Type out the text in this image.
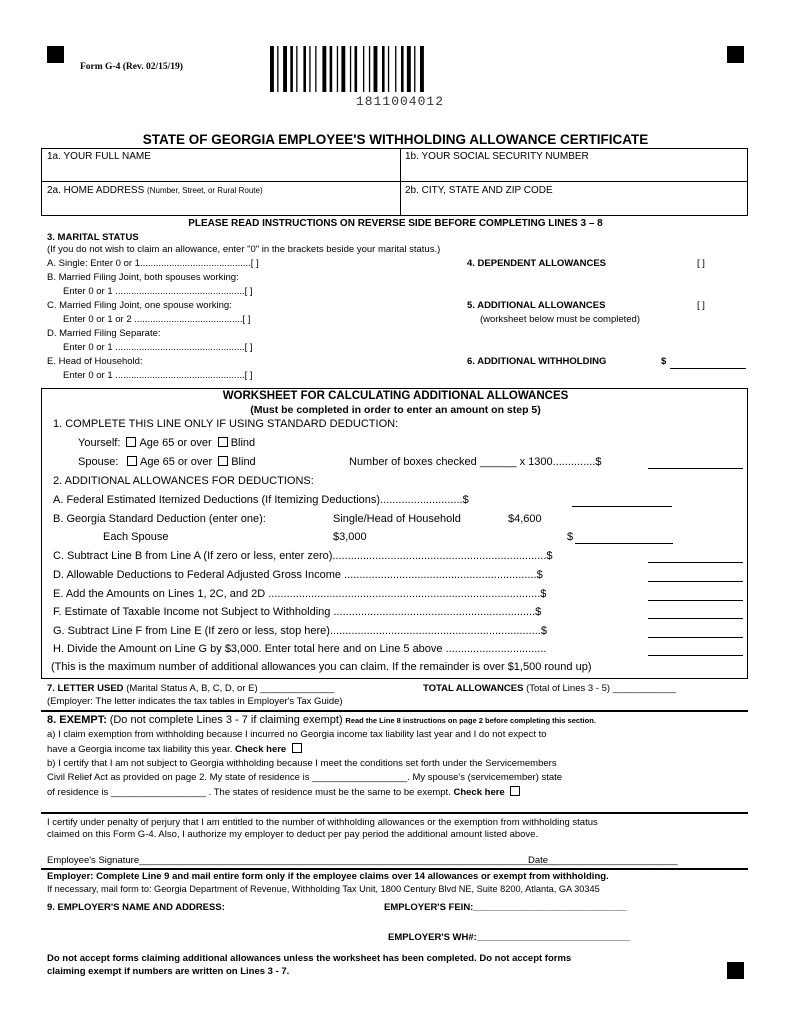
Form G-4 (Rev. 02/15/19)
1811004012
STATE OF GEORGIA EMPLOYEE'S WITHHOLDING ALLOWANCE CERTIFICATE
1a. YOUR FULL NAME	1b. YOUR SOCIAL SECURITY NUMBER
2a. HOME ADDRESS (Number, Street, or Rural Route)	2b. CITY, STATE AND ZIP CODE
PLEASE READ INSTRUCTIONS ON REVERSE SIDE BEFORE COMPLETING LINES 3 – 8
3. MARITAL STATUS
(If you do not wish to claim an allowance, enter "0" in the brackets beside your marital status.)
A. Single: Enter 0 or 1..........................................[ ]
B. Married Filing Joint, both spouses working:
Enter 0 or 1 .................................................[ ]
C. Married Filing Joint, one spouse working:
Enter 0 or 1 or 2 .........................................[ ]
D. Married Filing Separate:
Enter 0 or 1 .................................................[ ]
E. Head of Household:
Enter 0 or 1 .................................................[ ]
4. DEPENDENT ALLOWANCES	[ ]
5. ADDITIONAL ALLOWANCES	[ ]
(worksheet below must be completed)
6. ADDITIONAL WITHHOLDING	$
WORKSHEET FOR CALCULATING ADDITIONAL ALLOWANCES
(Must be completed in order to enter an amount on step 5)
1. COMPLETE THIS LINE ONLY IF USING STANDARD DEDUCTION:
Yourself: Age 65 or over Blind
Spouse: Age 65 or over Blind	Number of boxes checked ______ x 1300..............$
2. ADDITIONAL ALLOWANCES FOR DEDUCTIONS:
A. Federal Estimated Itemized Deductions (If Itemizing Deductions)...........................$
B. Georgia Standard Deduction (enter one):	Single/Head of Household	$4,600
Each Spouse	$3,000	$
C. Subtract Line B from Line A (If zero or less, enter zero)......................................................................$
D. Allowable Deductions to Federal Adjusted Gross Income ...............................................................$
E. Add the Amounts on Lines 1, 2C, and 2D .........................................................................................$
F. Estimate of Taxable Income not Subject to Withholding ..................................................................$
G. Subtract Line F from Line E (If zero or less, stop here).....................................................................$
H. Divide the Amount on Line G by $3,000. Enter total here and on Line 5 above .................................
(This is the maximum number of additional allowances you can claim. If the remainder is over $1,500 round up)
7. LETTER USED (Marital Status A, B, C, D, or E) ______________	TOTAL ALLOWANCES (Total of Lines 3 - 5) ____________
(Employer: The letter indicates the tax tables in Employer's Tax Guide)
8. EXEMPT: (Do not complete Lines 3 - 7 if claiming exempt) Read the Line 8 instructions on page 2 before completing this section.
a) I claim exemption from withholding because I incurred no Georgia income tax liability last year and I do not expect to
have a Georgia income tax liability this year. Check here
b) I certify that I am not subject to Georgia withholding because I meet the conditions set forth under the Servicemembers
Civil Relief Act as provided on page 2. My state of residence is __________________. My spouse's (servicemember) state
of residence is __________________ . The states of residence must be the same to be exempt. Check here
I certify under penalty of perjury that I am entitled to the number of withholding allowances or the exemption from withholding status
claimed on this Form G-4. Also, I authorize my employer to deduct per pay period the additional amount listed above.
Employee's Signature_______________________________________________________________________________
Date ________________________
Employer: Complete Line 9 and mail entire form only if the employee claims over 14 allowances or exempt from withholding.
If necessary, mail form to: Georgia Department of Revenue, Withholding Tax Unit, 1800 Century Blvd NE, Suite 8200, Atlanta, GA 30345
9. EMPLOYER'S NAME AND ADDRESS:	EMPLOYER'S FEIN:_____________________________
EMPLOYER'S WH#:_____________________________
Do not accept forms claiming additional allowances unless the worksheet has been completed. Do not accept forms
claiming exempt if numbers are written on Lines 3 - 7.
